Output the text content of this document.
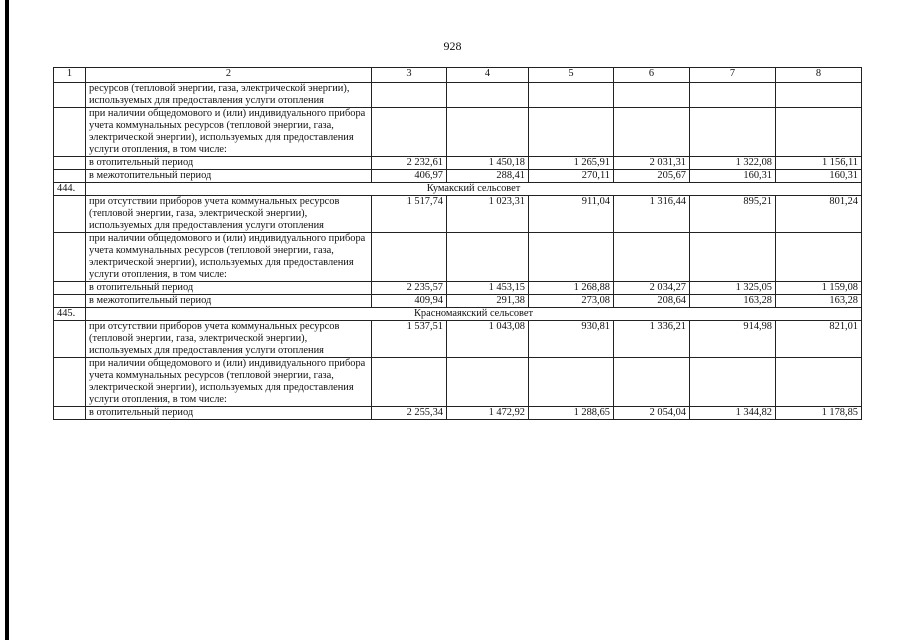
928
1	2	3	4	5	6	7	8
	ресурсов (тепловой энергии, газа, электрической энергии), используемых для предоставления услуги отопления						
	при наличии общедомового и (или) индивидуального прибора учета коммунальных ресурсов (тепловой энергии, газа, электрической энергии), используемых для предоставления услуги отопления, в том числе:						
	в отопительный период	2 232,61	1 450,18	1 265,91	2 031,31	1 322,08	1 156,11
	в межотопительный период	406,97	288,41	270,11	205,67	160,31	160,31
444.	Кумакский сельсовет						
	при отсутствии приборов учета коммунальных ресурсов (тепловой энергии, газа, электрической энергии), используемых для предоставления услуги отопления	1 517,74	1 023,31	911,04	1 316,44	895,21	801,24
	при наличии общедомового и (или) индивидуального прибора учета коммунальных ресурсов (тепловой энергии, газа, электрической энергии), используемых для предоставления услуги отопления, в том числе:						
	в отопительный период	2 235,57	1 453,15	1 268,88	2 034,27	1 325,05	1 159,08
	в межотопительный период	409,94	291,38	273,08	208,64	163,28	163,28
445.	Красномаякский сельсовет						
	при отсутствии приборов учета коммунальных ресурсов (тепловой энергии, газа, электрической энергии), используемых для предоставления услуги отопления	1 537,51	1 043,08	930,81	1 336,21	914,98	821,01
	при наличии общедомового и (или) индивидуального прибора учета коммунальных ресурсов (тепловой энергии, газа, электрической энергии), используемых для предоставления услуги отопления, в том числе:						
	в отопительный период	2 255,34	1 472,92	1 288,65	2 054,04	1 344,82	1 178,85
